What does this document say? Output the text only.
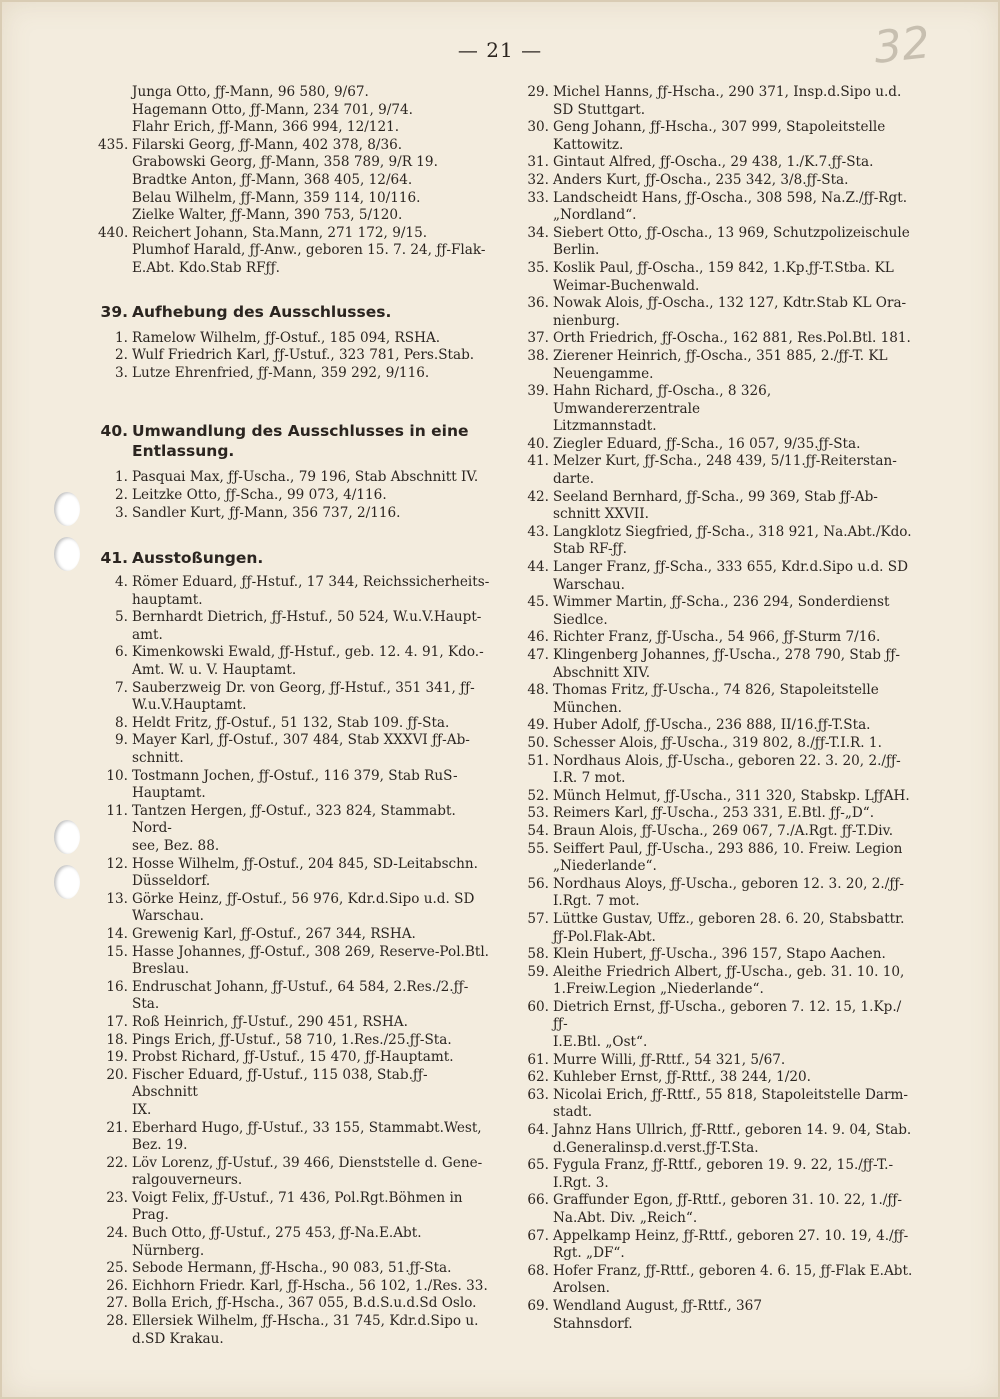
— 21 —	32
Junga Otto, ƒƒ-Mann, 96 580, 9/67.
Hagemann Otto, ƒƒ-Mann, 234 701, 9/74.
Flahr Erich, ƒƒ-Mann, 366 994, 12/121.
435. Filarski Georg, ƒƒ-Mann, 402 378, 8/36.
Grabowski Georg, ƒƒ-Mann, 358 789, 9/R 19.
Bradtke Anton, ƒƒ-Mann, 368 405, 12/64.
Belau Wilhelm, ƒƒ-Mann, 359 114, 10/116.
Zielke Walter, ƒƒ-Mann, 390 753, 5/120.
440. Reichert Johann, Sta.Mann, 271 172, 9/15.
Plumhof Harald, ƒƒ-Anw., geboren 15. 7. 24, ƒƒ-Flak-
E.Abt. Kdo.Stab RFƒƒ.
39. Aufhebung des Ausschlusses.
1. Ramelow Wilhelm, ƒƒ-Ostuf., 185 094, RSHA.
2. Wulf Friedrich Karl, ƒƒ-Ustuf., 323 781, Pers.Stab.
3. Lutze Ehrenfried, ƒƒ-Mann, 359 292, 9/116.
40. Umwandlung des Ausschlusses in eine
Entlassung.
1. Pasquai Max, ƒƒ-Uscha., 79 196, Stab Abschnitt IV.
2. Leitzke Otto, ƒƒ-Scha., 99 073, 4/116.
3. Sandler Kurt, ƒƒ-Mann, 356 737, 2/116.
41. Ausstoßungen.
4. Römer Eduard, ƒƒ-Hstuf., 17 344, Reichssicherheits-
hauptamt.
5. Bernhardt Dietrich, ƒƒ-Hstuf., 50 524, W.u.V.Haupt-
amt.
6. Kimenkowski Ewald, ƒƒ-Hstuf., geb. 12. 4. 91, Kdo.-
Amt. W. u. V. Hauptamt.
7. Sauberzweig Dr. von Georg, ƒƒ-Hstuf., 351 341, ƒƒ-
W.u.V.Hauptamt.
8. Heldt Fritz, ƒƒ-Ostuf., 51 132, Stab 109. ƒƒ-Sta.
9. Mayer Karl, ƒƒ-Ostuf., 307 484, Stab XXXVI ƒƒ-Ab-
schnitt.
10. Tostmann Jochen, ƒƒ-Ostuf., 116 379, Stab RuS-
Hauptamt.
11. Tantzen Hergen, ƒƒ-Ostuf., 323 824, Stammabt. Nord-
see, Bez. 88.
12. Hosse Wilhelm, ƒƒ-Ostuf., 204 845, SD-Leitabschn.
Düsseldorf.
13. Görke Heinz, ƒƒ-Ostuf., 56 976, Kdr.d.Sipo u.d. SD
Warschau.
14. Grewenig Karl, ƒƒ-Ostuf., 267 344, RSHA.
15. Hasse Johannes, ƒƒ-Ostuf., 308 269, Reserve-Pol.Btl.
Breslau.
16. Endruschat Johann, ƒƒ-Ustuf., 64 584, 2.Res./2.ƒƒ-Sta.
17. Roß Heinrich, ƒƒ-Ustuf., 290 451, RSHA.
18. Pings Erich, ƒƒ-Ustuf., 58 710, 1.Res./25.ƒƒ-Sta.
19. Probst Richard, ƒƒ-Ustuf., 15 470, ƒƒ-Hauptamt.
20. Fischer Eduard, ƒƒ-Ustuf., 115 038, Stab.ƒƒ-Abschnitt
IX.
21. Eberhard Hugo, ƒƒ-Ustuf., 33 155, Stammabt.West,
Bez. 19.
22. Löv Lorenz, ƒƒ-Ustuf., 39 466, Dienststelle d. Gene-
ralgouverneurs.
23. Voigt Felix, ƒƒ-Ustuf., 71 436, Pol.Rgt.Böhmen in
Prag.
24. Buch Otto, ƒƒ-Ustuf., 275 453, ƒƒ-Na.E.Abt. Nürnberg.
25. Sebode Hermann, ƒƒ-Hscha., 90 083, 51.ƒƒ-Sta.
26. Eichhorn Friedr. Karl, ƒƒ-Hscha., 56 102, 1./Res. 33.
27. Bolla Erich, ƒƒ-Hscha., 367 055, B.d.S.u.d.Sd Oslo.
28. Ellersiek Wilhelm, ƒƒ-Hscha., 31 745, Kdr.d.Sipo u.
d.SD Krakau.
29. Michel Hanns, ƒƒ-Hscha., 290 371, Insp.d.Sipo u.d.
SD Stuttgart.
30. Geng Johann, ƒƒ-Hscha., 307 999, Stapoleitstelle
Kattowitz.
31. Gintaut Alfred, ƒƒ-Oscha., 29 438, 1./K.7.ƒƒ-Sta.
32. Anders Kurt, ƒƒ-Oscha., 235 342, 3/8.ƒƒ-Sta.
33. Landscheidt Hans, ƒƒ-Oscha., 308 598, Na.Z./ƒƒ-Rgt.
„Nordland“.
34. Siebert Otto, ƒƒ-Oscha., 13 969, Schutzpolizeischule
Berlin.
35. Koslik Paul, ƒƒ-Oscha., 159 842, 1.Kp.ƒƒ-T.Stba. KL
Weimar-Buchenwald.
36. Nowak Alois, ƒƒ-Oscha., 132 127, Kdtr.Stab KL Ora-
nienburg.
37. Orth Friedrich, ƒƒ-Oscha., 162 881, Res.Pol.Btl. 181.
38. Zierener Heinrich, ƒƒ-Oscha., 351 885, 2./ƒƒ-T. KL
Neuengamme.
39. Hahn Richard, ƒƒ-Oscha., 8 326, Umwandererzentrale
Litzmannstadt.
40. Ziegler Eduard, ƒƒ-Scha., 16 057, 9/35.ƒƒ-Sta.
41. Melzer Kurt, ƒƒ-Scha., 248 439, 5/11.ƒƒ-Reiterstan-
darte.
42. Seeland Bernhard, ƒƒ-Scha., 99 369, Stab ƒƒ-Ab-
schnitt XXVII.
43. Langklotz Siegfried, ƒƒ-Scha., 318 921, Na.Abt./Kdo.
Stab RF-ƒƒ.
44. Langer Franz, ƒƒ-Scha., 333 655, Kdr.d.Sipo u.d. SD
Warschau.
45. Wimmer Martin, ƒƒ-Scha., 236 294, Sonderdienst
Siedlce.
46. Richter Franz, ƒƒ-Uscha., 54 966, ƒƒ-Sturm 7/16.
47. Klingenberg Johannes, ƒƒ-Uscha., 278 790, Stab ƒƒ-
Abschnitt XIV.
48. Thomas Fritz, ƒƒ-Uscha., 74 826, Stapoleitstelle
München.
49. Huber Adolf, ƒƒ-Uscha., 236 888, II/16.ƒƒ-T.Sta.
50. Schesser Alois, ƒƒ-Uscha., 319 802, 8./ƒƒ-T.I.R. 1.
51. Nordhaus Alois, ƒƒ-Uscha., geboren 22. 3. 20, 2./ƒƒ-
I.R. 7 mot.
52. Münch Helmut, ƒƒ-Uscha., 311 320, Stabskp. LƒƒAH.
53. Reimers Karl, ƒƒ-Uscha., 253 331, E.Btl. ƒƒ-„D“.
54. Braun Alois, ƒƒ-Uscha., 269 067, 7./A.Rgt. ƒƒ-T.Div.
55. Seiffert Paul, ƒƒ-Uscha., 293 886, 10. Freiw. Legion
„Niederlande“.
56. Nordhaus Aloys, ƒƒ-Uscha., geboren 12. 3. 20, 2./ƒƒ-
I.Rgt. 7 mot.
57. Lüttke Gustav, Uffz., geboren 28. 6. 20, Stabsbattr.
ƒƒ-Pol.Flak-Abt.
58. Klein Hubert, ƒƒ-Uscha., 396 157, Stapo Aachen.
59. Aleithe Friedrich Albert, ƒƒ-Uscha., geb. 31. 10. 10,
1.Freiw.Legion „Niederlande“.
60. Dietrich Ernst, ƒƒ-Uscha., geboren 7. 12. 15, 1.Kp./ƒƒ-
I.E.Btl. „Ost“.
61. Murre Willi, ƒƒ-Rttf., 54 321, 5/67.
62. Kuhleber Ernst, ƒƒ-Rttf., 38 244, 1/20.
63. Nicolai Erich, ƒƒ-Rttf., 55 818, Stapoleitstelle Darm-
stadt.
64. Jahnz Hans Ullrich, ƒƒ-Rttf., geboren 14. 9. 04, Stab.
d.Generalinsp.d.verst.ƒƒ-T.Sta.
65. Fygula Franz, ƒƒ-Rttf., geboren 19. 9. 22, 15./ƒƒ-T.-
I.Rgt. 3.
66. Graffunder Egon, ƒƒ-Rttf., geboren 31. 10. 22, 1./ƒƒ-
Na.Abt. Div. „Reich“.
67. Appelkamp Heinz, ƒƒ-Rttf., geboren 27. 10. 19, 4./ƒƒ-
Rgt. „DF“.
68. Hofer Franz, ƒƒ-Rttf., geboren 4. 6. 15, ƒƒ-Flak E.Abt.
Arolsen.
69. Wendland August, ƒƒ-Rttf., 367
Stahnsdorf.
